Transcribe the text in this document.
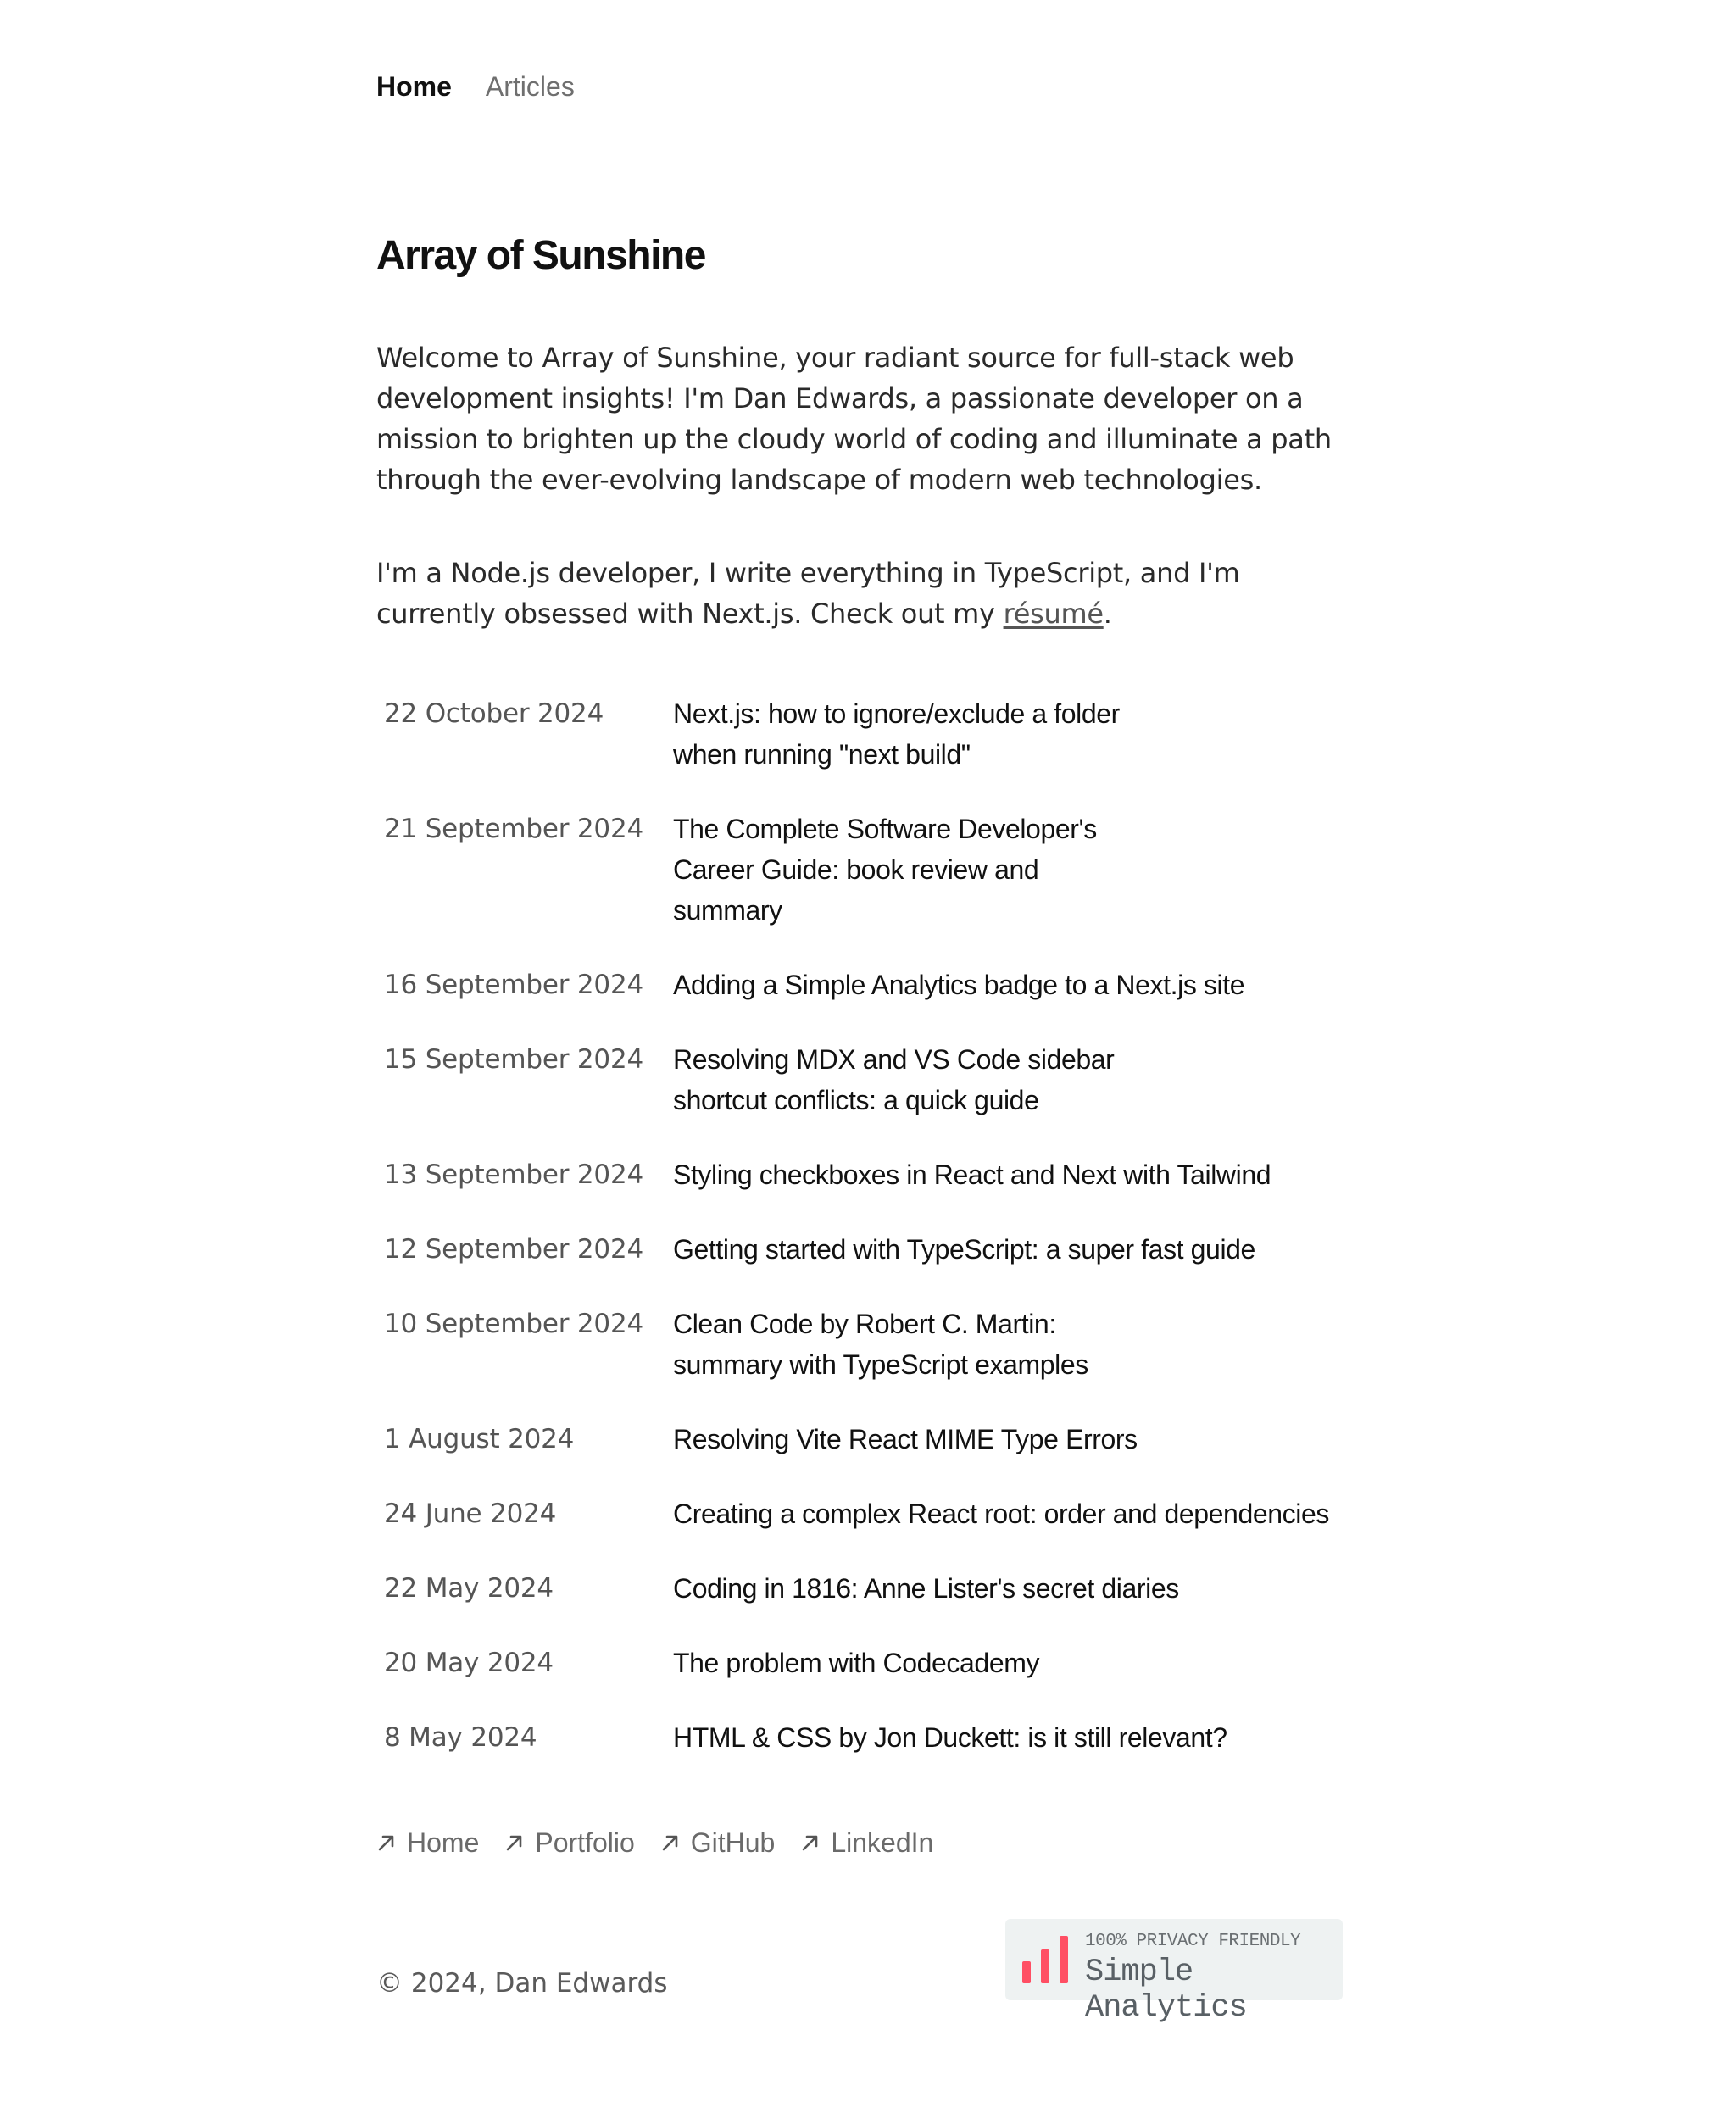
Home Articles
Array of Sunshine

Welcome to Array of Sunshine, your radiant source for full-stack web development insights! I'm Dan Edwards, a passionate developer on a mission to brighten up the cloudy world of coding and illuminate a path through the ever-evolving landscape of modern web technologies.

I'm a Node.js developer, I write everything in TypeScript, and I'm currently obsessed with Next.js. Check out my résumé.

22 October 2024	Next.js: how to ignore/exclude a folder when running "next build"
21 September 2024	The Complete Software Developer's Career Guide: book review and summary
16 September 2024	Adding a Simple Analytics badge to a Next.js site
15 September 2024	Resolving MDX and VS Code sidebar shortcut conflicts: a quick guide
13 September 2024	Styling checkboxes in React and Next with Tailwind
12 September 2024	Getting started with TypeScript: a super fast guide
10 September 2024	Clean Code by Robert C. Martin: summary with TypeScript examples
1 August 2024	Resolving Vite React MIME Type Errors
24 June 2024	Creating a complex React root: order and dependencies
22 May 2024	Coding in 1816: Anne Lister's secret diaries
20 May 2024	The problem with Codecademy
8 May 2024	HTML & CSS by Jon Duckett: is it still relevant?
Home Portfolio GitHub LinkedIn
© 2024, Dan Edwards
100% PRIVACY FRIENDLY
Simple Analytics
